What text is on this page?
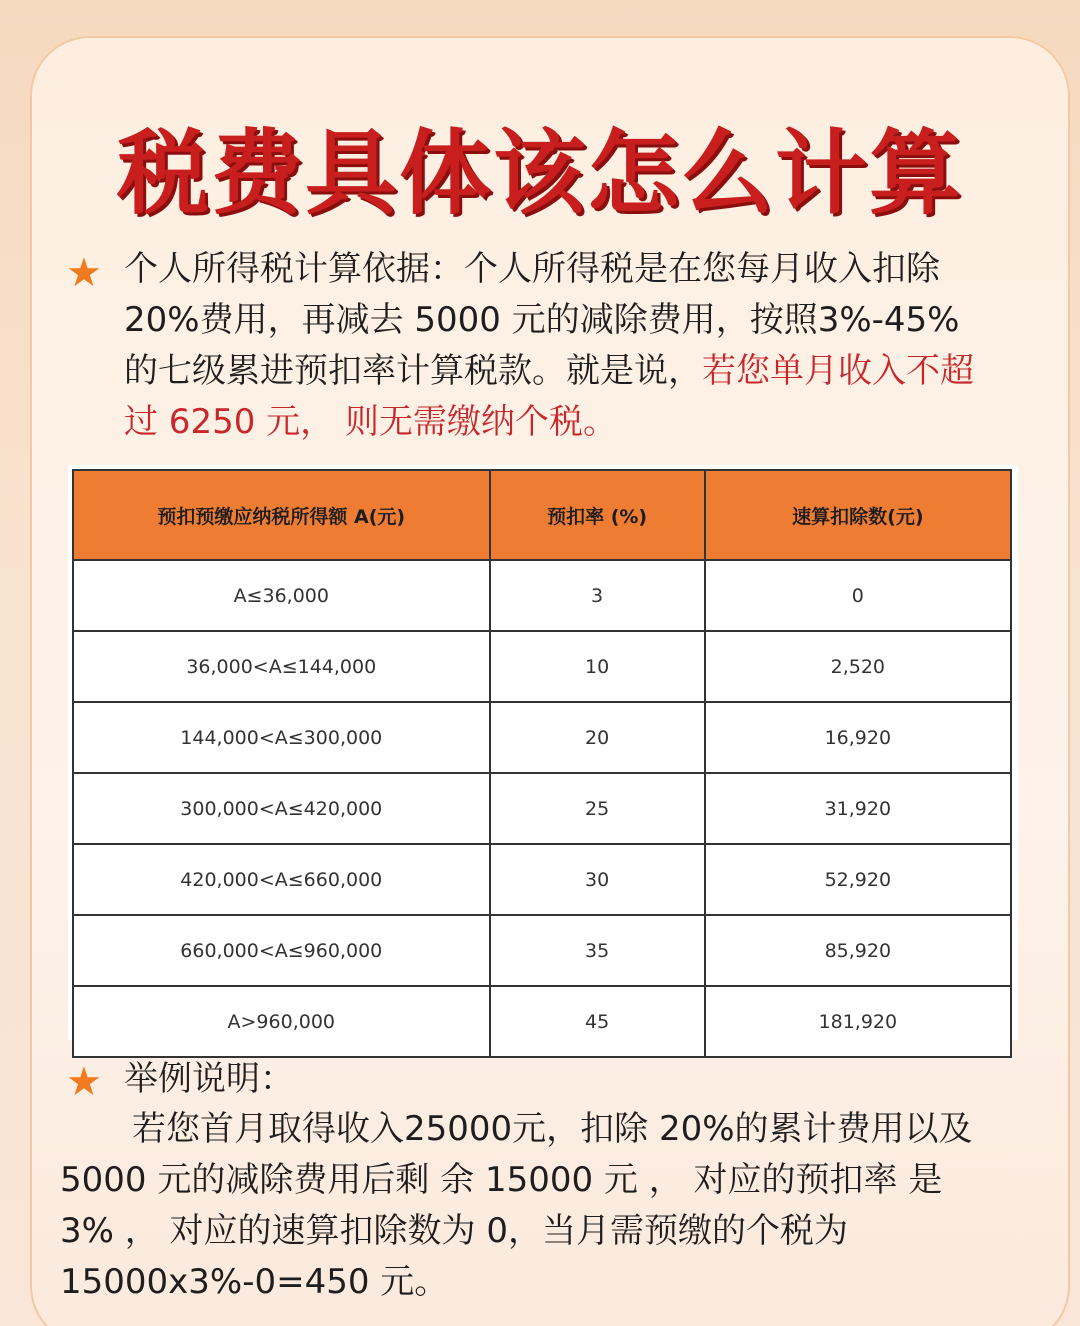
税费具体该怎么计算
★ 个人所得税计算依据：个人所得税是在您每月收入扣除
20%费用，再减去 5000 元的减除费用，按照3%-45%
的七级累进预扣率计算税款。就是说，若您单月收入不超
过 6250 元， 则无需缴纳个税。
预扣预缴应纳税所得额 A(元)	预扣率 (%)	速算扣除数(元)
A≤36,000	3	0
36,000<A≤144,000	10	2,520
144,000<A≤300,000	20	16,920
300,000<A≤420,000	25	31,920
420,000<A≤660,000	30	52,920
660,000<A≤960,000	35	85,920
A>960,000	45	181,920
★ 举例说明：
若您首月取得收入25000元，扣除 20%的累计费用以及
5000 元的减除费用后剩 余 15000 元 ， 对应的预扣率 是
3% ， 对应的速算扣除数为 0，当月需预缴的个税为
15000x3%-0=450 元。
